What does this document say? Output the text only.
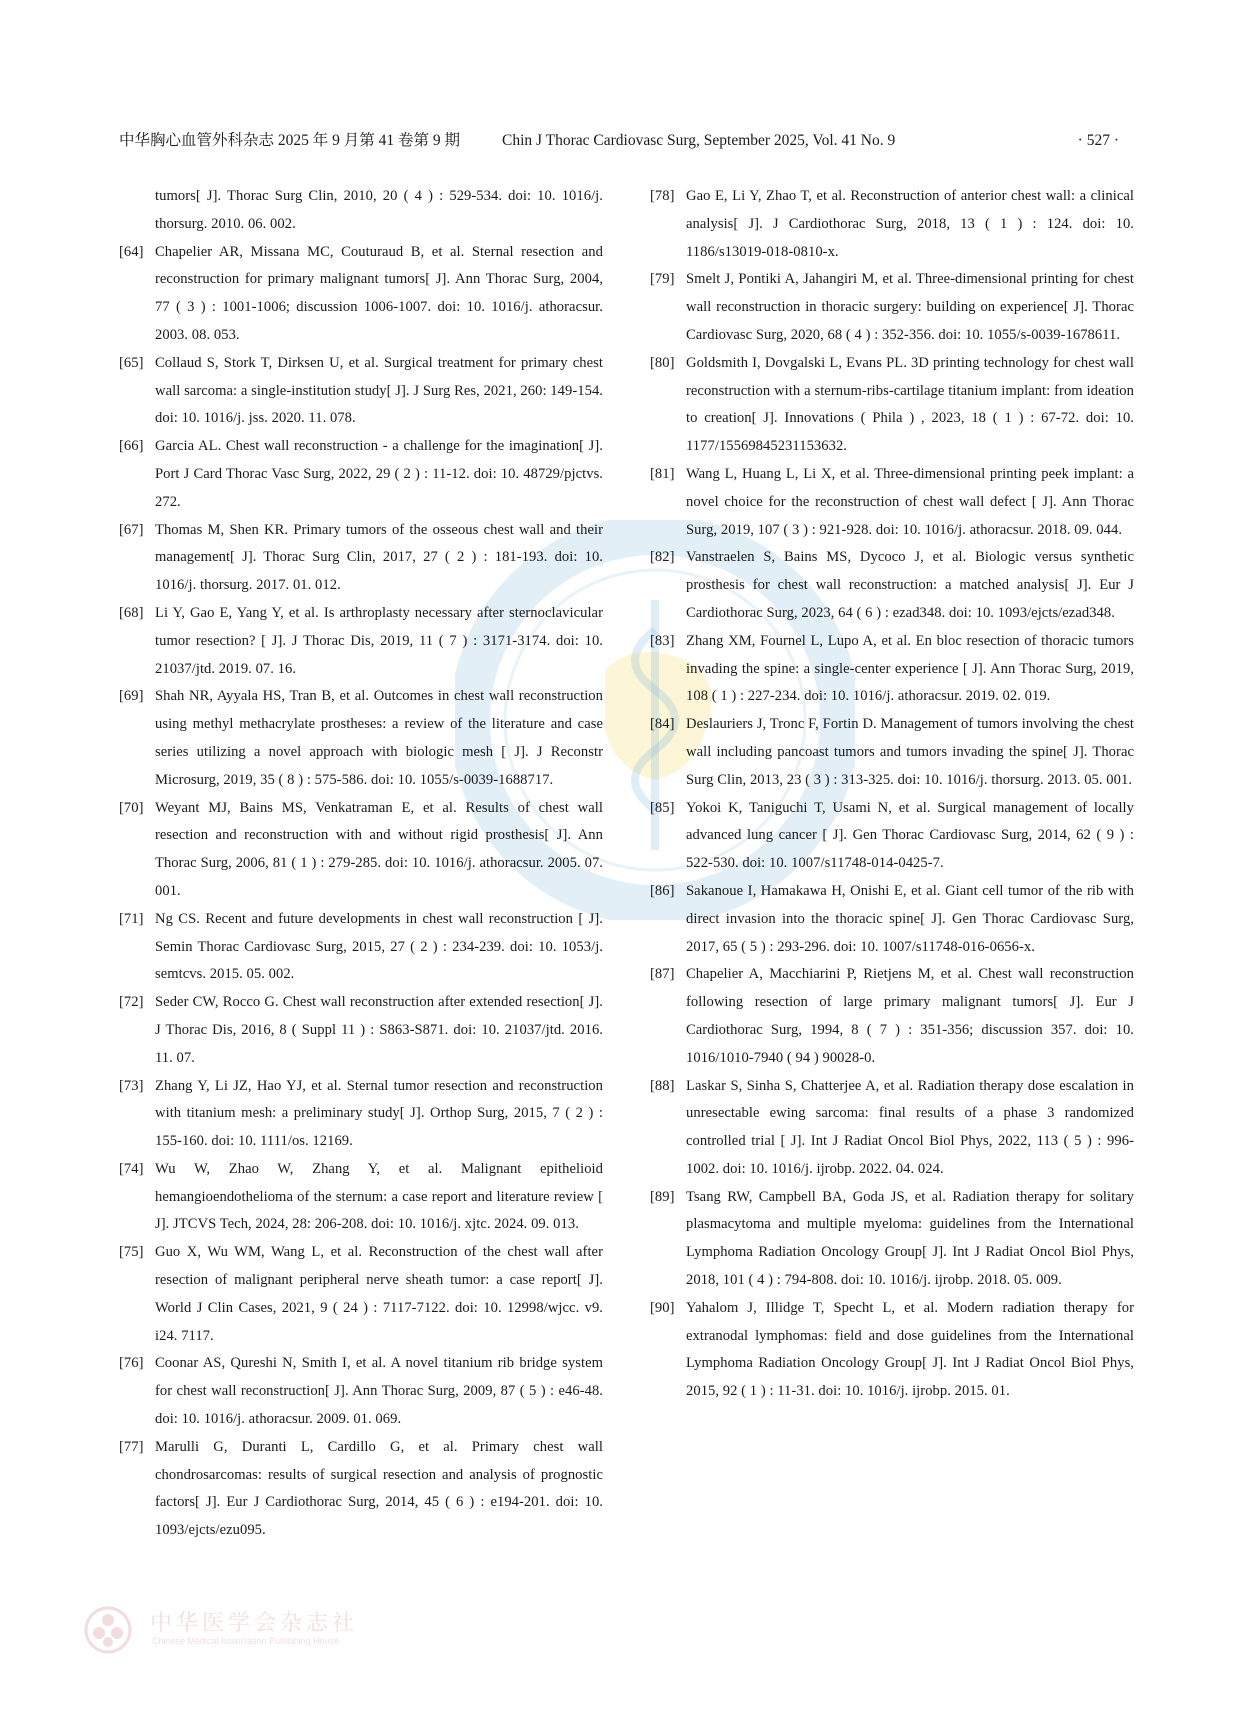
中华胸心血管外科杂志 2025 年 9 月第 41 卷第 9 期	Chin J Thorac Cardiovasc Surg, September 2025, Vol. 41 No. 9	· 527 ·
tumors[ J]. Thorac Surg Clin, 2010, 20 ( 4 ) : 529-534. doi: 10. 1016/j. thorsurg. 2010. 06. 002.
[64] Chapelier AR, Missana MC, Couturaud B, et al. Sternal resection and reconstruction for primary malignant tumors[ J]. Ann Thorac Surg, 2004, 77 ( 3 ) : 1001-1006; discussion 1006-1007. doi: 10. 1016/j. athoracsur. 2003. 08. 053.
[65] Collaud S, Stork T, Dirksen U, et al. Surgical treatment for primary chest wall sarcoma: a single-institution study[ J]. J Surg Res, 2021, 260: 149-154. doi: 10. 1016/j. jss. 2020. 11. 078.
[66] Garcia AL. Chest wall reconstruction - a challenge for the imagination[ J]. Port J Card Thorac Vasc Surg, 2022, 29 ( 2 ) : 11-12. doi: 10. 48729/pjctvs. 272.
[67] Thomas M, Shen KR. Primary tumors of the osseous chest wall and their management[ J]. Thorac Surg Clin, 2017, 27 ( 2 ) : 181-193. doi: 10. 1016/j. thorsurg. 2017. 01. 012.
[68] Li Y, Gao E, Yang Y, et al. Is arthroplasty necessary after sternoclavicular tumor resection? [ J]. J Thorac Dis, 2019, 11 ( 7 ) : 3171-3174. doi: 10. 21037/jtd. 2019. 07. 16.
[69] Shah NR, Ayyala HS, Tran B, et al. Outcomes in chest wall reconstruction using methyl methacrylate prostheses: a review of the literature and case series utilizing a novel approach with biologic mesh [ J]. J Reconstr Microsurg, 2019, 35 ( 8 ) : 575-586. doi: 10. 1055/s-0039-1688717.
[70] Weyant MJ, Bains MS, Venkatraman E, et al. Results of chest wall resection and reconstruction with and without rigid prosthesis[ J]. Ann Thorac Surg, 2006, 81 ( 1 ) : 279-285. doi: 10. 1016/j. athoracsur. 2005. 07. 001.
[71] Ng CS. Recent and future developments in chest wall reconstruction [ J]. Semin Thorac Cardiovasc Surg, 2015, 27 ( 2 ) : 234-239. doi: 10. 1053/j. semtcvs. 2015. 05. 002.
[72] Seder CW, Rocco G. Chest wall reconstruction after extended resection[ J]. J Thorac Dis, 2016, 8 ( Suppl 11 ) : S863-S871. doi: 10. 21037/jtd. 2016. 11. 07.
[73] Zhang Y, Li JZ, Hao YJ, et al. Sternal tumor resection and reconstruction with titanium mesh: a preliminary study[ J]. Orthop Surg, 2015, 7 ( 2 ) : 155-160. doi: 10. 1111/os. 12169.
[74] Wu W, Zhao W, Zhang Y, et al. Malignant epithelioid hemangioendothelioma of the sternum: a case report and literature review [ J]. JTCVS Tech, 2024, 28: 206-208. doi: 10. 1016/j. xjtc. 2024. 09. 013.
[75] Guo X, Wu WM, Wang L, et al. Reconstruction of the chest wall after resection of malignant peripheral nerve sheath tumor: a case report[ J]. World J Clin Cases, 2021, 9 ( 24 ) : 7117-7122. doi: 10. 12998/wjcc. v9. i24. 7117.
[76] Coonar AS, Qureshi N, Smith I, et al. A novel titanium rib bridge system for chest wall reconstruction[ J]. Ann Thorac Surg, 2009, 87 ( 5 ) : e46-48. doi: 10. 1016/j. athoracsur. 2009. 01. 069.
[77] Marulli G, Duranti L, Cardillo G, et al. Primary chest wall chondrosarcomas: results of surgical resection and analysis of prognostic factors[ J]. Eur J Cardiothorac Surg, 2014, 45 ( 6 ) : e194-201. doi: 10. 1093/ejcts/ezu095.
[78] Gao E, Li Y, Zhao T, et al. Reconstruction of anterior chest wall: a clinical analysis[ J]. J Cardiothorac Surg, 2018, 13 ( 1 ) : 124. doi: 10. 1186/s13019-018-0810-x.
[79] Smelt J, Pontiki A, Jahangiri M, et al. Three-dimensional printing for chest wall reconstruction in thoracic surgery: building on experience[ J]. Thorac Cardiovasc Surg, 2020, 68 ( 4 ) : 352-356. doi: 10. 1055/s-0039-1678611.
[80] Goldsmith I, Dovgalski L, Evans PL. 3D printing technology for chest wall reconstruction with a sternum-ribs-cartilage titanium implant: from ideation to creation[ J]. Innovations ( Phila ) , 2023, 18 ( 1 ) : 67-72. doi: 10. 1177/15569845231153632.
[81] Wang L, Huang L, Li X, et al. Three-dimensional printing peek implant: a novel choice for the reconstruction of chest wall defect [ J]. Ann Thorac Surg, 2019, 107 ( 3 ) : 921-928. doi: 10. 1016/j. athoracsur. 2018. 09. 044.
[82] Vanstraelen S, Bains MS, Dycoco J, et al. Biologic versus synthetic prosthesis for chest wall reconstruction: a matched analysis[ J]. Eur J Cardiothorac Surg, 2023, 64 ( 6 ) : ezad348. doi: 10. 1093/ejcts/ezad348.
[83] Zhang XM, Fournel L, Lupo A, et al. En bloc resection of thoracic tumors invading the spine: a single-center experience [ J]. Ann Thorac Surg, 2019, 108 ( 1 ) : 227-234. doi: 10. 1016/j. athoracsur. 2019. 02. 019.
[84] Deslauriers J, Tronc F, Fortin D. Management of tumors involving the chest wall including pancoast tumors and tumors invading the spine[ J]. Thorac Surg Clin, 2013, 23 ( 3 ) : 313-325. doi: 10. 1016/j. thorsurg. 2013. 05. 001.
[85] Yokoi K, Taniguchi T, Usami N, et al. Surgical management of locally advanced lung cancer [ J]. Gen Thorac Cardiovasc Surg, 2014, 62 ( 9 ) : 522-530. doi: 10. 1007/s11748-014-0425-7.
[86] Sakanoue I, Hamakawa H, Onishi E, et al. Giant cell tumor of the rib with direct invasion into the thoracic spine[ J]. Gen Thorac Cardiovasc Surg, 2017, 65 ( 5 ) : 293-296. doi: 10. 1007/s11748-016-0656-x.
[87] Chapelier A, Macchiarini P, Rietjens M, et al. Chest wall reconstruction following resection of large primary malignant tumors[ J]. Eur J Cardiothorac Surg, 1994, 8 ( 7 ) : 351-356; discussion 357. doi: 10. 1016/1010-7940 ( 94 ) 90028-0.
[88] Laskar S, Sinha S, Chatterjee A, et al. Radiation therapy dose escalation in unresectable ewing sarcoma: final results of a phase 3 randomized controlled trial [ J]. Int J Radiat Oncol Biol Phys, 2022, 113 ( 5 ) : 996-1002. doi: 10. 1016/j. ijrobp. 2022. 04. 024.
[89] Tsang RW, Campbell BA, Goda JS, et al. Radiation therapy for solitary plasmacytoma and multiple myeloma: guidelines from the International Lymphoma Radiation Oncology Group[ J]. Int J Radiat Oncol Biol Phys, 2018, 101 ( 4 ) : 794-808. doi: 10. 1016/j. ijrobp. 2018. 05. 009.
[90] Yahalom J, Illidge T, Specht L, et al. Modern radiation therapy for extranodal lymphomas: field and dose guidelines from the International Lymphoma Radiation Oncology Group[ J]. Int J Radiat Oncol Biol Phys, 2015, 92 ( 1 ) : 11-31. doi: 10. 1016/j. ijrobp. 2015. 01.
中华医学会杂志社
Chinese Medical Association Publishing House
